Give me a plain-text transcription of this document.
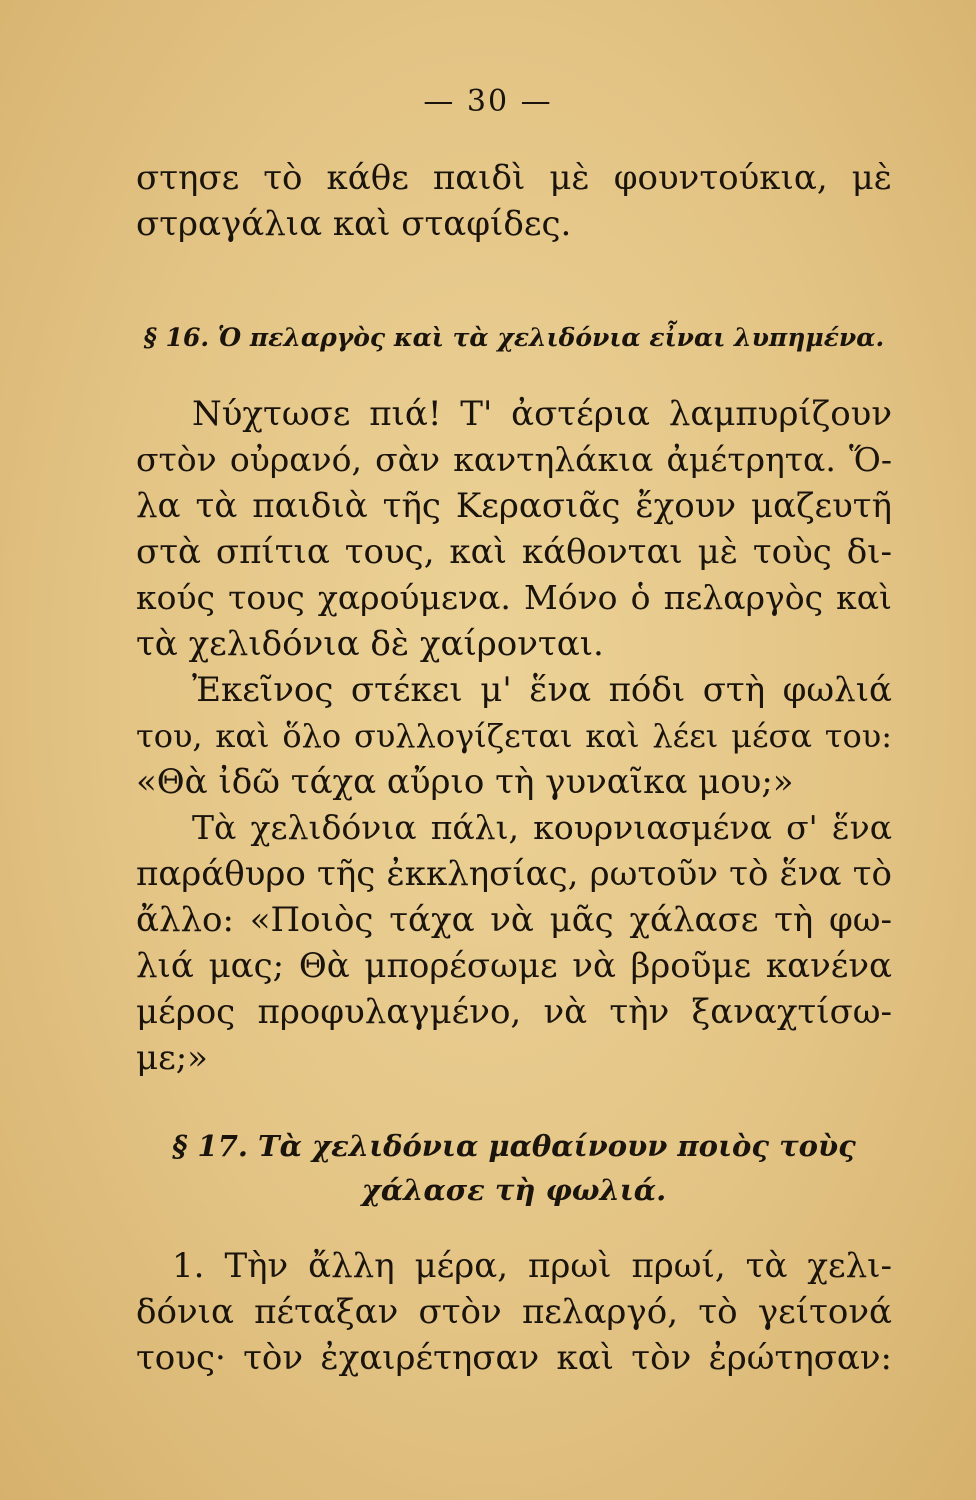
— 30 —
στησε τὸ κάθε παιδὶ μὲ φουντούκια, μὲ
στραγάλια καὶ σταφίδες.
§ 16. Ὁ πελαργὸς καὶ τὰ χελιδόνια εἶναι λυπημένα.
Νύχτωσε πιά! Τ' ἀστέρια λαμπυρίζουν
στὸν οὐρανό, σὰν καντηλάκια ἀμέτρητα. Ὅ-
λα τὰ παιδιὰ τῆς Κερασιᾶς ἔχουν μαζευτῆ
στὰ σπίτια τους, καὶ κάθονται μὲ τοὺς δι-
κούς τους χαρούμενα. Μόνο ὁ πελαργὸς καὶ
τὰ χελιδόνια δὲ χαίρονται.
Ἐκεῖνος στέκει μ' ἕνα πόδι στὴ φωλιά
του, καὶ ὅλο συλλογίζεται καὶ λέει μέσα του:
«Θὰ ἰδῶ τάχα αὔριο τὴ γυναῖκα μου;»
Τὰ χελιδόνια πάλι, κουρνιασμένα σ' ἕνα
παράθυρο τῆς ἐκκλησίας, ρωτοῦν τὸ ἕνα τὸ
ἄλλο: «Ποιὸς τάχα νὰ μᾶς χάλασε τὴ φω-
λιά μας; Θὰ μπορέσωμε νὰ βροῦμε κανένα
μέρος προφυλαγμένο, νὰ τὴν ξαναχτίσω-
με;»
§ 17. Τὰ χελιδόνια μαθαίνουν ποιὸς τοὺς
χάλασε τὴ φωλιά.
1. Τὴν ἄλλη μέρα, πρωὶ πρωί, τὰ χελι-
δόνια πέταξαν στὸν πελαργό, τὸ γείτονά
τους· τὸν ἐχαιρέτησαν καὶ τὸν ἐρώτησαν:
